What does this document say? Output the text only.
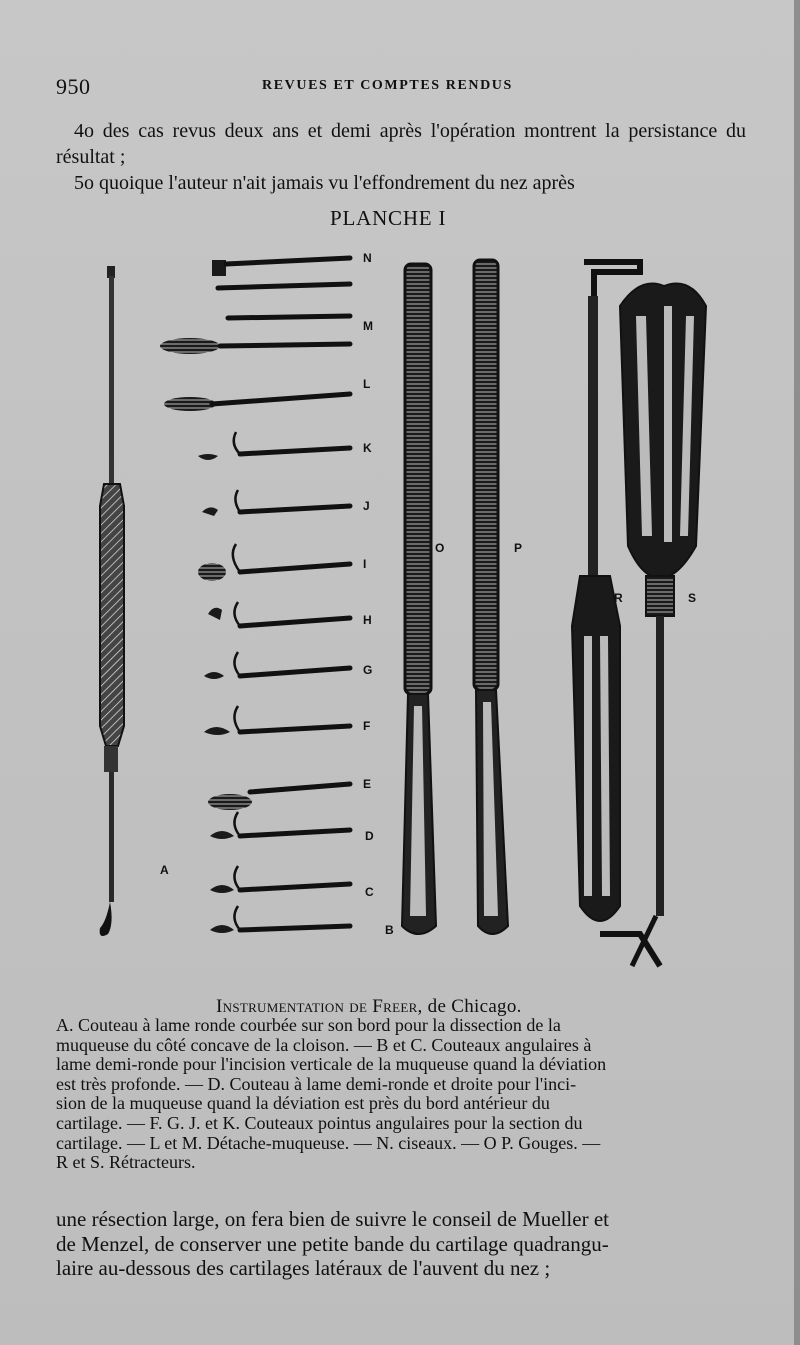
950	REVUES ET COMPTES RENDUS

4o des cas revus deux ans et demi après l'opération montrent la persistance du résultat ;

5o quoique l'auteur n'ait jamais vu l'effondrement du nez après

PLANCHE I
A
B
C
D
E
F
G
H
I
J
K
L
M
N
O	P
R	S
Instrumentation de Freer, de Chicago.
A. Couteau à lame ronde courbée sur son bord pour la dissection de la
muqueuse du côté concave de la cloison. — B et C. Couteaux angulaires à
lame demi-ronde pour l'incision verticale de la muqueuse quand la déviation
est très profonde. — D. Couteau à lame demi-ronde et droite pour l'inci-
sion de la muqueuse quand la déviation est près du bord antérieur du
cartilage. — F. G. J. et K. Couteaux pointus angulaires pour la section du
cartilage. — L et M. Détache-muqueuse. — N. ciseaux. — O P. Gouges. —
R et S. Rétracteurs.
une résection large, on fera bien de suivre le conseil de Mueller et
de Menzel, de conserver une petite bande du cartilage quadrangu-
laire au-dessous des cartilages latéraux de l'auvent du nez ;
